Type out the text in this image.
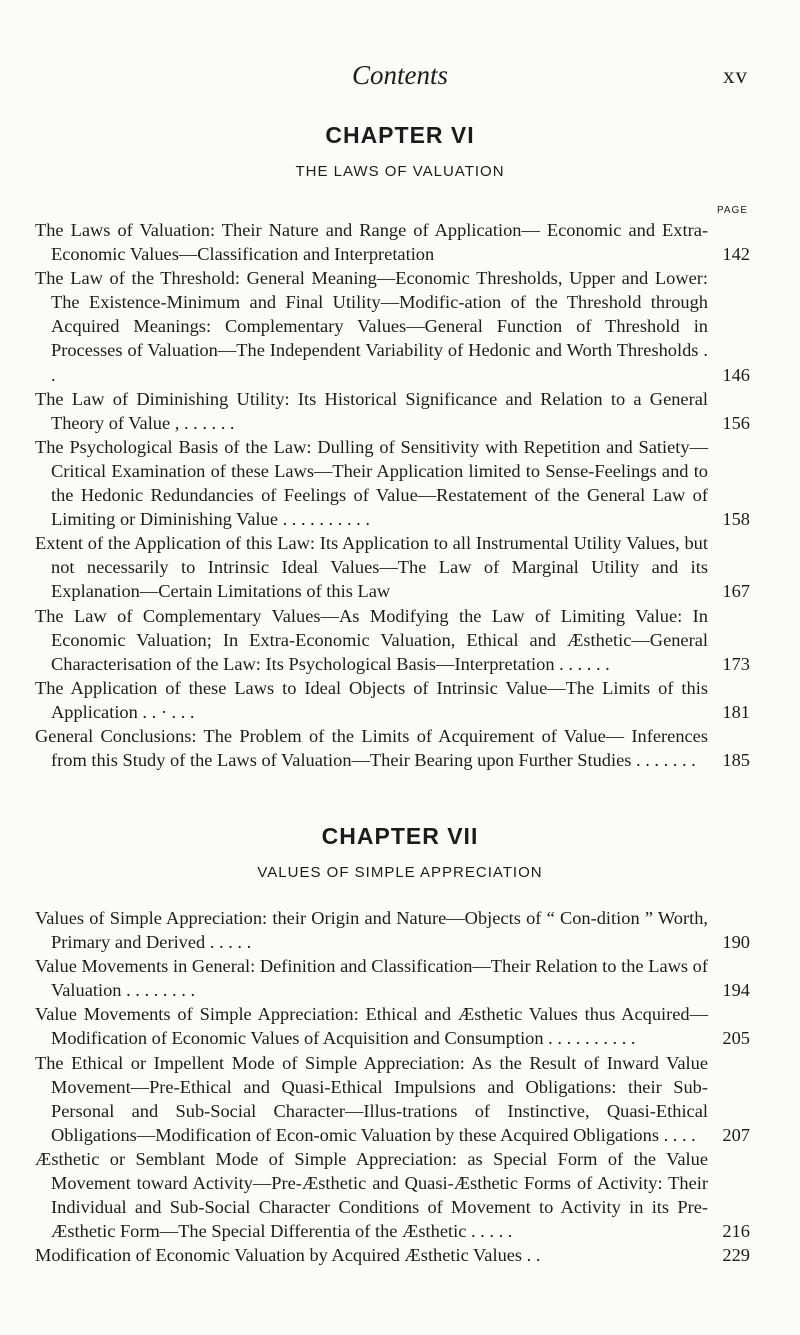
Contents	xv
CHAPTER VI
THE LAWS OF VALUATION
PAGE
The Laws of Valuation: Their Nature and Range of Application— Economic and Extra-Economic Values—Classification and Interpretation	142
The Law of the Threshold: General Meaning—Economic Thresholds, Upper and Lower: The Existence-Minimum and Final Utility—Modific-ation of the Threshold through Acquired Meanings: Complementary Values—General Function of Threshold in Processes of Valuation—The Independent Variability of Hedonic and Worth Thresholds . .	146
The Law of Diminishing Utility: Its Historical Significance and Relation to a General Theory of Value , . . . . . .	156
The Psychological Basis of the Law: Dulling of Sensitivity with Repetition and Satiety—Critical Examination of these Laws—Their Application limited to Sense-Feelings and to the Hedonic Redundancies of Feelings of Value—Restatement of the General Law of Limiting or Diminishing Value . . . . . . . . . .	158
Extent of the Application of this Law: Its Application to all Instrumental Utility Values, but not necessarily to Intrinsic Ideal Values—The Law of Marginal Utility and its Explanation—Certain Limitations of this Law	167
The Law of Complementary Values—As Modifying the Law of Limiting Value: In Economic Valuation; In Extra-Economic Valuation, Ethical and Æsthetic—General Characterisation of the Law: Its Psychological Basis—Interpretation . . . . . .	173
The Application of these Laws to Ideal Objects of Intrinsic Value—The Limits of this Application . . · . . .	181
General Conclusions: The Problem of the Limits of Acquirement of Value— Inferences from this Study of the Laws of Valuation—Their Bearing upon Further Studies . . . . . . .	185
CHAPTER VII
VALUES OF SIMPLE APPRECIATION
Values of Simple Appreciation: their Origin and Nature—Objects of “ Con-dition ” Worth, Primary and Derived . . . . .	190
Value Movements in General: Definition and Classification—Their Relation to the Laws of Valuation . . . . . . . .	194
Value Movements of Simple Appreciation: Ethical and Æsthetic Values thus Acquired—Modification of Economic Values of Acquisition and Consumption . . . . . . . . . .	205
The Ethical or Impellent Mode of Simple Appreciation: As the Result of Inward Value Movement—Pre-Ethical and Quasi-Ethical Impulsions and Obligations: their Sub-Personal and Sub-Social Character—Illus-trations of Instinctive, Quasi-Ethical Obligations—Modification of Econ-omic Valuation by these Acquired Obligations . . . .	207
Æsthetic or Semblant Mode of Simple Appreciation: as Special Form of the Value Movement toward Activity—Pre-Æsthetic and Quasi-Æsthetic Forms of Activity: Their Individual and Sub-Social Character Conditions of Movement to Activity in its Pre-Æsthetic Form—The Special Differentia of the Æsthetic . . . . .	216
Modification of Economic Valuation by Acquired Æsthetic Values . .	229
